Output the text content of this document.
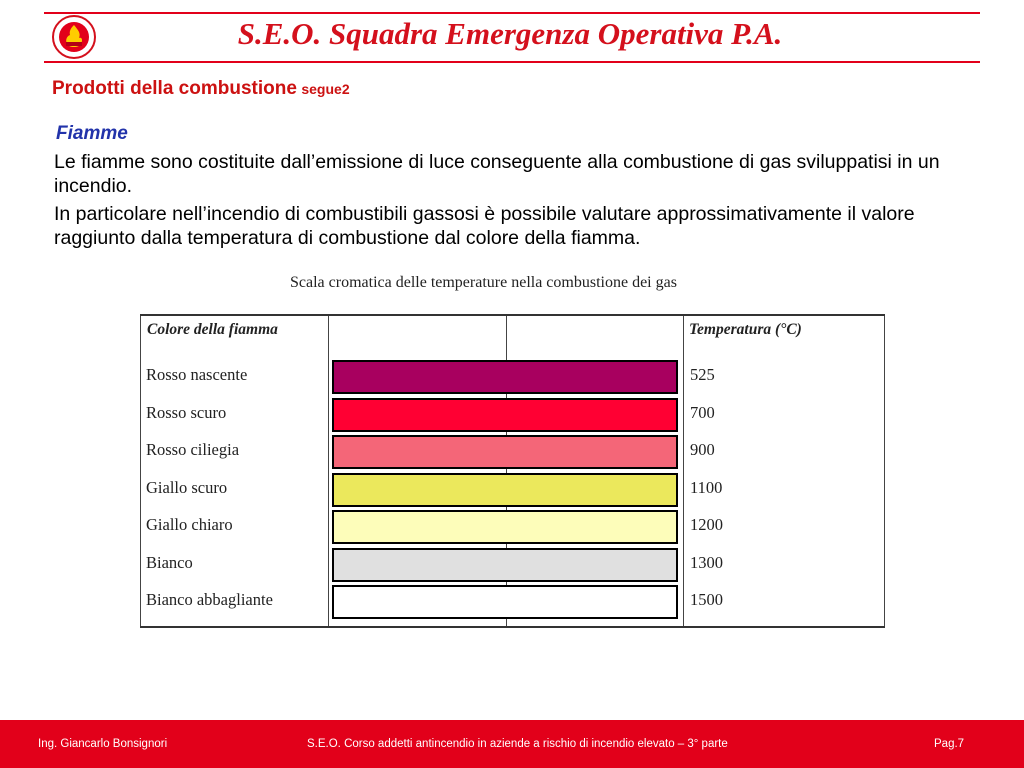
S.E.O. Squadra Emergenza Operativa P.A.
Prodotti della combustione segue2
Fiamme
Le fiamme sono costituite dall’emissione di luce conseguente alla combustione di gas sviluppatisi in un incendio.
In particolare nell’incendio di combustibili gassosi è possibile valutare approssimativamente il valore raggiunto dalla temperatura di combustione dal colore della fiamma.
Scala cromatica delle temperature nella combustione dei gas
Colore della fiamma	Temperatura (°C)
Rosso nascente	525
Rosso scuro	700
Rosso ciliegia	900
Giallo scuro	1100
Giallo chiaro	1200
Bianco	1300
Bianco abbagliante	1500
Ing. Giancarlo Bonsignori	S.E.O. Corso addetti antincendio in aziende a rischio di incendio elevato – 3° parte	Pag.7
